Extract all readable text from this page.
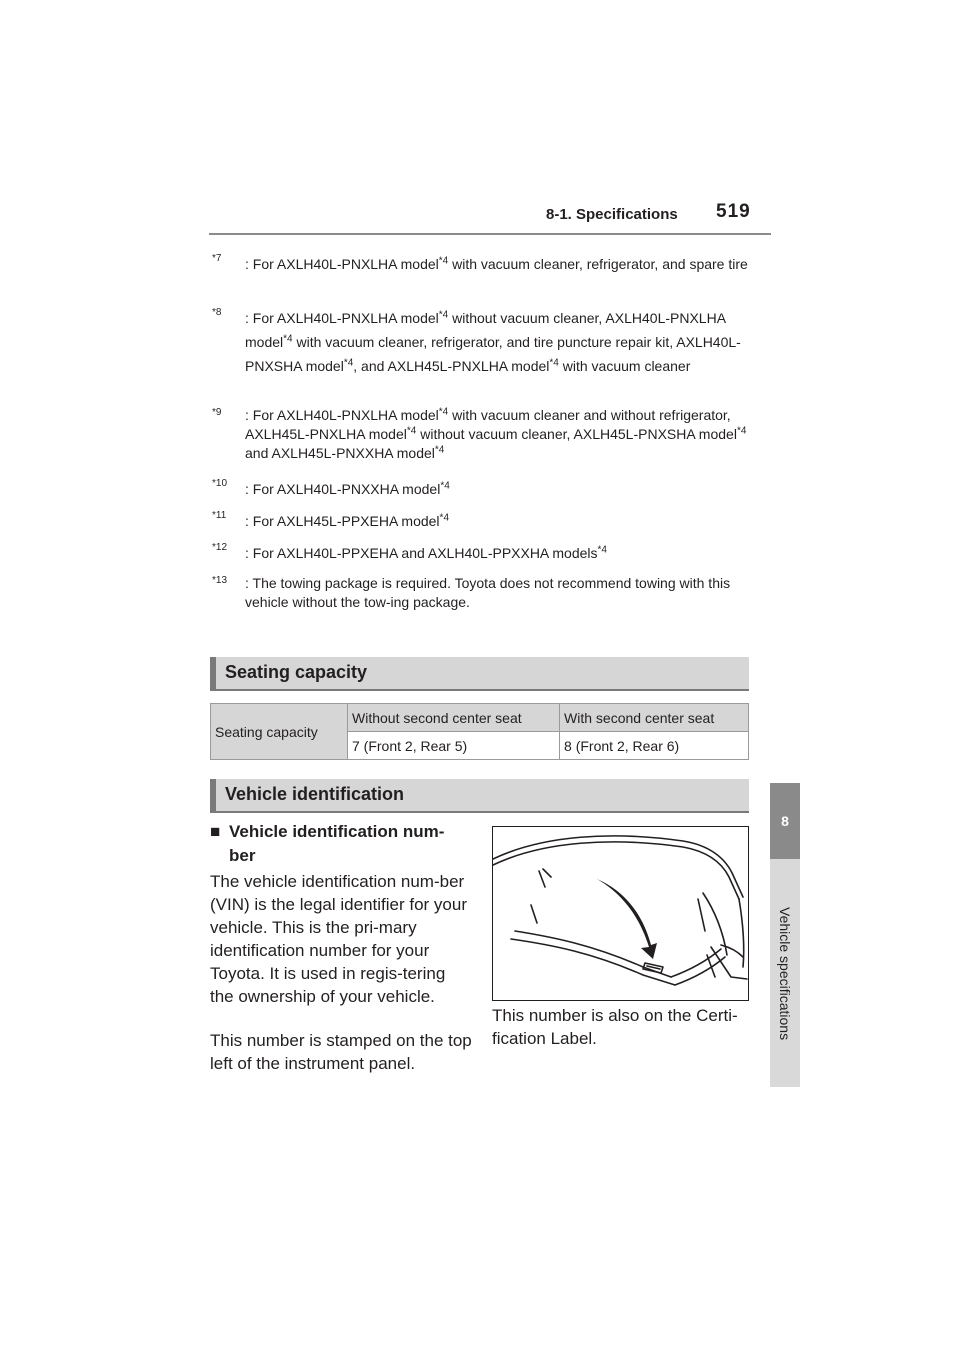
8-1. Specifications 519
8
Vehicle specifications
*7 : For AXLH40L-PNXLHA model$^{*4}$ with vacuum cleaner, refrigerator, and spare tire
*8 : For AXLH40L-PNXLHA model$^{*4}$ without vacuum cleaner, AXLH40L-PNXLHA model$^{*4}$ with vacuum cleaner, refrigerator, and tire puncture repair kit, AXLH40L-PNXSHA model$^{*4}$, and AXLH45L-PNXLHA model$^{*4}$ with vacuum cleaner
*9 : For AXLH40L-PNXLHA model$^{*4}$ with vacuum cleaner and without refrigerator, AXLH45L-PNXLHA model$^{*4}$ without vacuum cleaner, AXLH45L-PNXSHA model$^{*4}$ and AXLH45L-PNXXHA model$^{*4}$
*10 : For AXLH40L-PNXXHA model$^{*4}$
*11 : For AXLH45L-PPXEHA model$^{*4}$
*12 : For AXLH40L-PPXEHA and AXLH40L-PPXXHA models$^{*4}$
*13 : The towing package is required. Toyota does not recommend towing with this vehicle without the tow-ing package.
Seating capacity
Seating capacity	Without second center seat	With second center seat
	7 (Front 2, Rear 5)	8 (Front 2, Rear 6)
Vehicle identification
■ Vehicle identification num-ber
The vehicle identification num-ber (VIN) is the legal identifier for your vehicle. This is the pri-mary identification number for your Toyota. It is used in regis-tering the ownership of your vehicle.
This number is stamped on the top left of the instrument panel.
This number is also on the Certi-fication Label.
